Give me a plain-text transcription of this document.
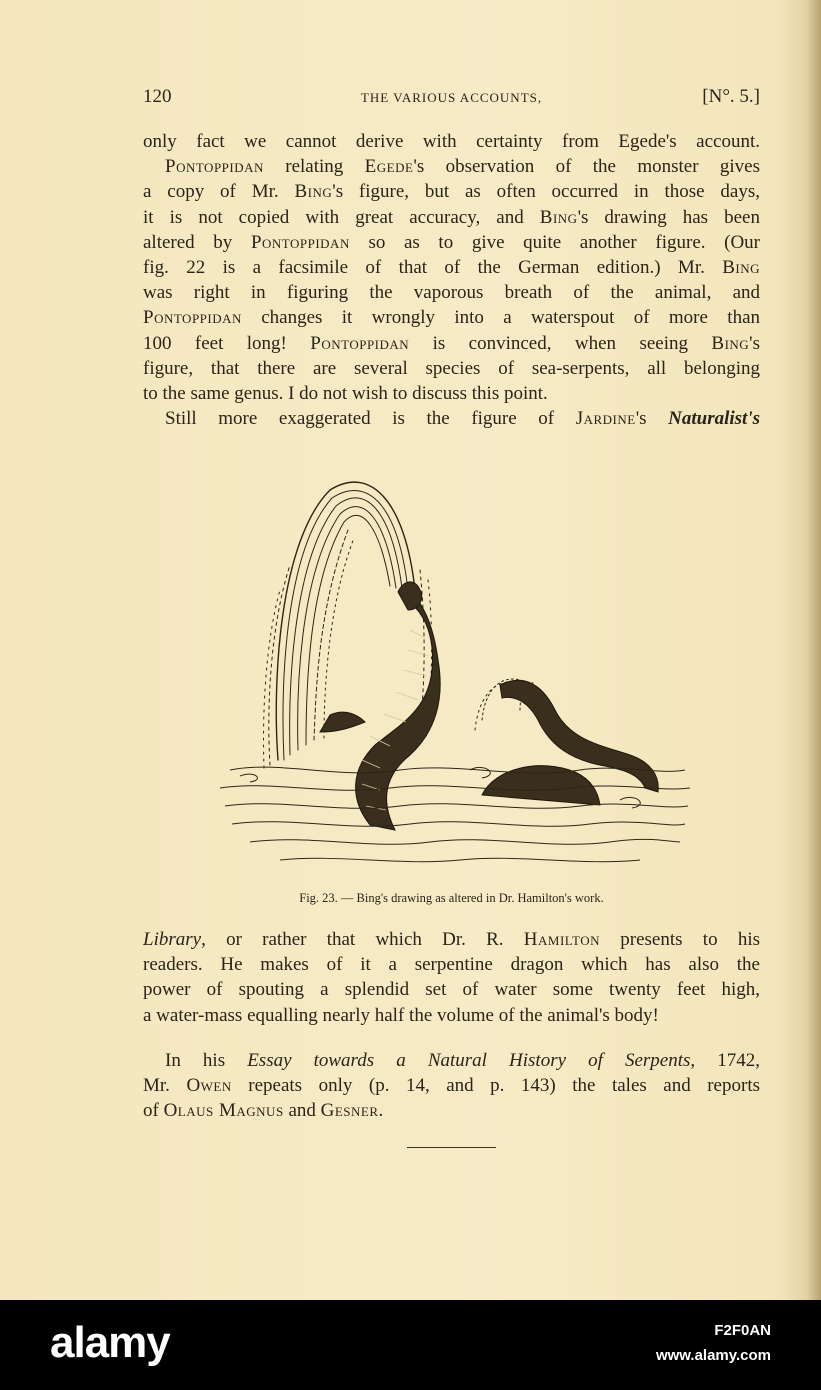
120	THE VARIOUS ACCOUNTS,	[N°. 5.]

only fact we cannot derive with certainty from Egede's account.

Pontoppidan relating Egede's observation of the monster gives

a copy of Mr. Bing's figure, but as often occurred in those days,

it is not copied with great accuracy, and Bing's drawing has been

altered by Pontoppidan so as to give quite another figure. (Our

fig. 22 is a facsimile of that of the German edition.) Mr. Bing

was right in figuring the vaporous breath of the animal, and

Pontoppidan changes it wrongly into a waterspout of more than

100 feet long! Pontoppidan is convinced, when seeing Bing's

figure, that there are several species of sea-serpents, all belonging

to the same genus. I do not wish to discuss this point.

Still more exaggerated is the figure of Jardine's Naturalist's

Fig. 23. — Bing's drawing as altered in Dr. Hamilton's work.

Library, or rather that which Dr. R. Hamilton presents to his

readers. He makes of it a serpentine dragon which has also the

power of spouting a splendid set of water some twenty feet high,

a water-mass equalling nearly half the volume of the animal's body!

In his Essay towards a Natural History of Serpents, 1742,

Mr. Owen repeats only (p. 14, and p. 143) the tales and reports

of Olaus Magnus and Gesner.

alamy	F2F0AN
www.alamy.com
